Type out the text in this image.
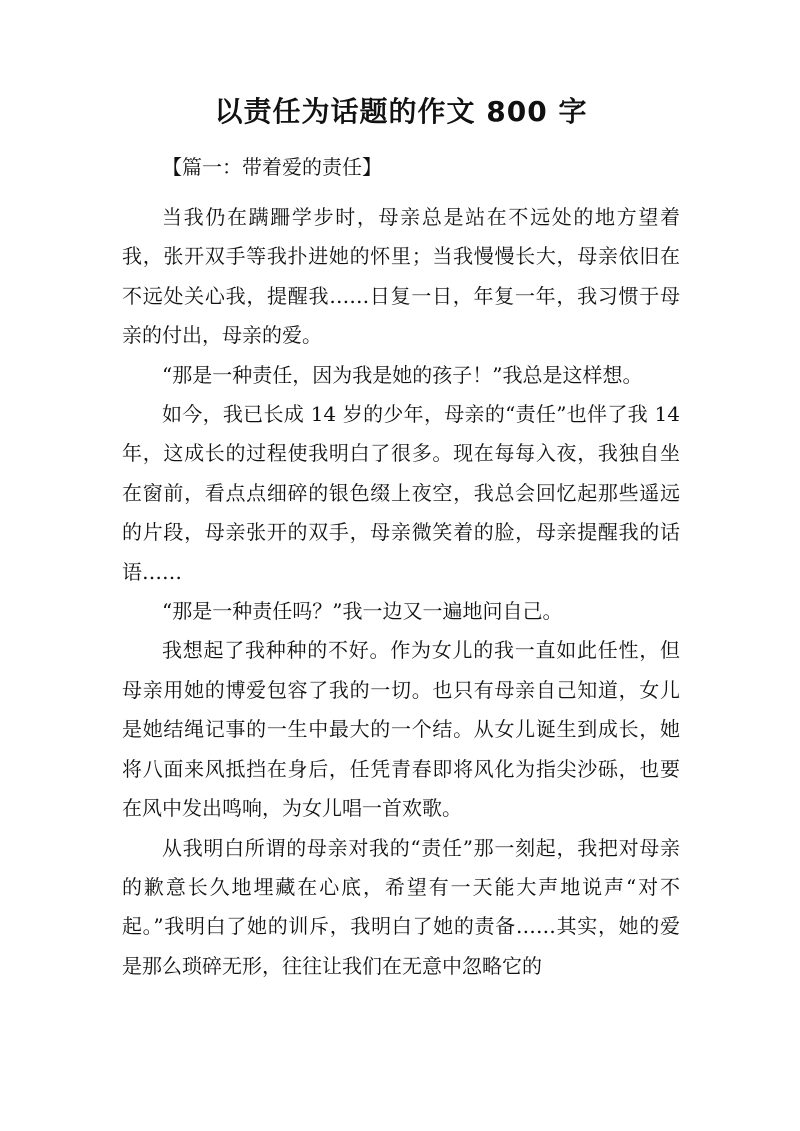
以责任为话题的作文 800 字
【篇一：带着爱的责任】

当我仍在蹒跚学步时，母亲总是站在不远处的地方望着我，张开双手等我扑进她的怀里；当我慢慢长大，母亲依旧在不远处关心我，提醒我……日复一日，年复一年，我习惯于母亲的付出，母亲的爱。

“那是一种责任，因为我是她的孩子！”我总是这样想。

如今，我已长成 14 岁的少年，母亲的“责任”也伴了我 14 年，这成长的过程使我明白了很多。现在每每入夜，我独自坐在窗前，看点点细碎的银色缀上夜空，我总会回忆起那些遥远的片段，母亲张开的双手，母亲微笑着的脸，母亲提醒我的话语……

“那是一种责任吗？”我一边又一遍地问自己。

我想起了我种种的不好。作为女儿的我一直如此任性，但母亲用她的博爱包容了我的一切。也只有母亲自己知道，女儿是她结绳记事的一生中最大的一个结。从女儿诞生到成长，她将八面来风抵挡在身后，任凭青春即将风化为指尖沙砾，也要在风中发出鸣响，为女儿唱一首欢歌。

从我明白所谓的母亲对我的“责任”那一刻起，我把对母亲的歉意长久地埋藏在心底，希望有一天能大声地说声“对不起。”我明白了她的训斥，我明白了她的责备……其实，她的爱是那么琐碎无形，往往让我们在无意中忽略它的
